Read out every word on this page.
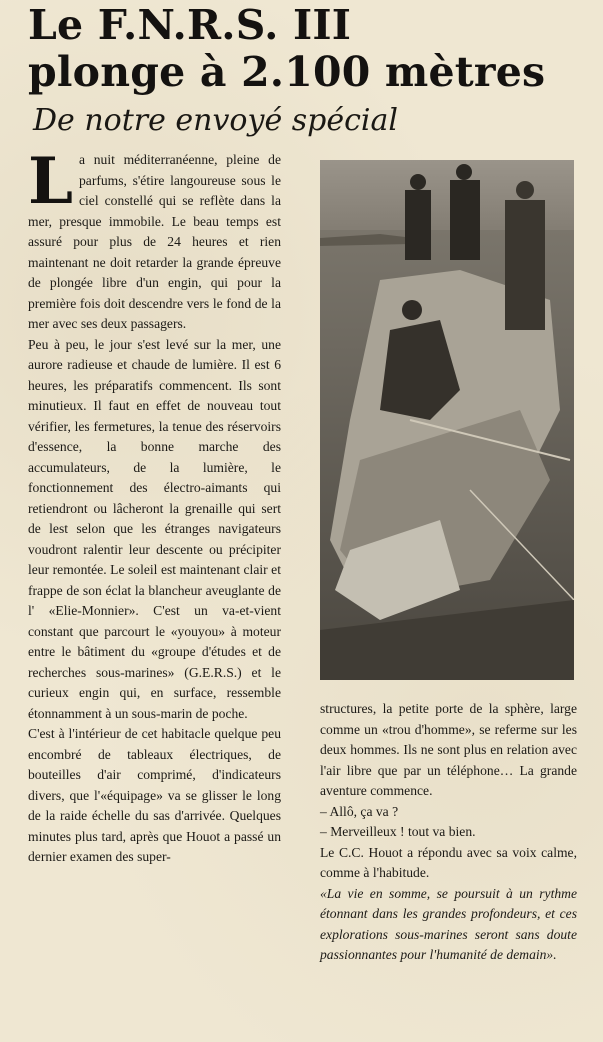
Le F.N.R.S. III
plonge à 2.100 mètres
De notre envoyé spécial

La nuit méditerranéenne, pleine de parfums, s'étire langoureuse sous le ciel constellé qui se reflète dans la mer, presque immobile. Le beau temps est assuré pour plus de 24 heures et rien maintenant ne doit retarder la grande épreuve de plongée libre d'un engin, qui pour la première fois doit descendre vers le fond de la mer avec ses deux passagers.

Peu à peu, le jour s'est levé sur la mer, une aurore radieuse et chaude de lumière. Il est 6 heures, les préparatifs commencent. Ils sont minutieux. Il faut en effet de nouveau tout vérifier, les fermetures, la tenue des réservoirs d'essence, la bonne marche des accumulateurs, de la lumière, le fonctionnement des électro-aimants qui retiendront ou lâcheront la grenaille qui sert de lest selon que les étranges navigateurs voudront ralentir leur descente ou précipiter leur remontée. Le soleil est maintenant clair et frappe de son éclat la blancheur aveuglante de l' «Elie-Monnier». C'est un va-et-vient constant que parcourt le «youyou» à moteur entre le bâtiment du «groupe d'études et de recherches sous-marines» (G.E.R.S.) et le curieux engin qui, en surface, ressemble étonnamment à un sous-marin de poche.

C'est à l'intérieur de cet habitacle quelque peu encombré de tableaux électriques, de bouteilles d'air comprimé, d'indicateurs divers, que l'«équipage» va se glisser le long de la raide échelle du sas d'arrivée. Quelques minutes plus tard, après que Houot a passé un dernier examen des super-

structures, la petite porte de la sphère, large comme un «trou d'homme», se referme sur les deux hommes. Ils ne sont plus en relation avec l'air libre que par un téléphone… La grande aventure commence.

– Allô, ça va ?

– Merveilleux ! tout va bien.

Le C.C. Houot a répondu avec sa voix calme, comme à l'habitude.

«La vie en somme, se poursuit à un rythme étonnant dans les grandes profondeurs, et ces explorations sous-marines seront sans doute passionnantes pour l'humanité de demain».
